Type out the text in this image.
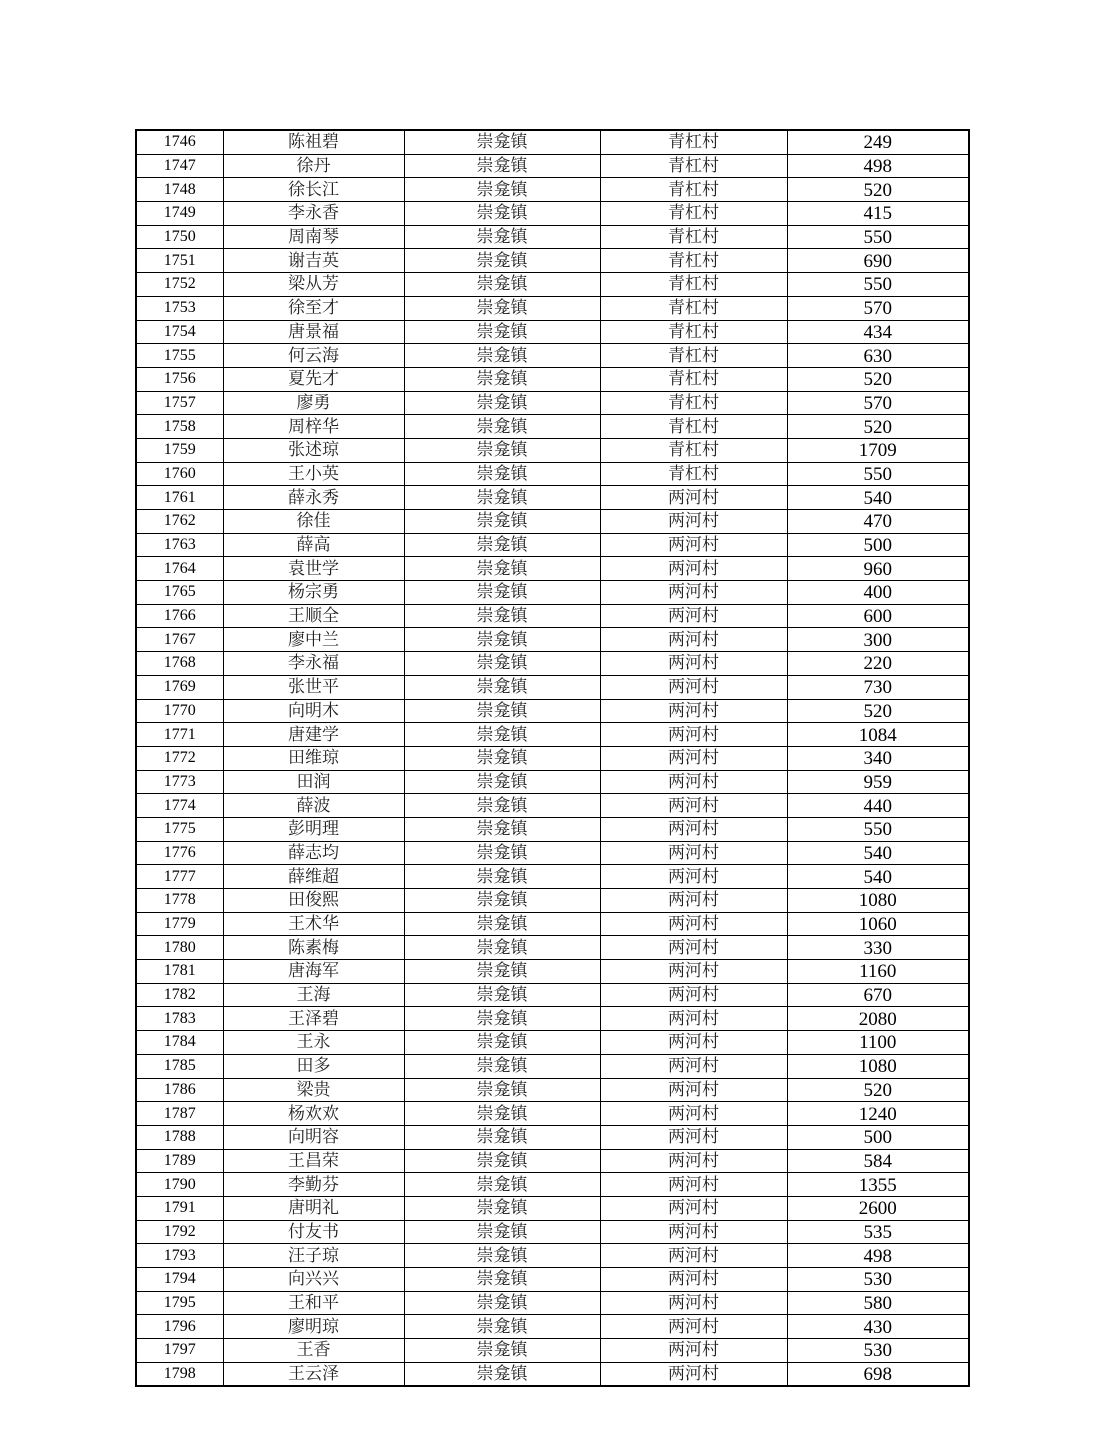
1746	陈祖碧	崇龛镇	青杠村	249
1747	徐丹	崇龛镇	青杠村	498
1748	徐长江	崇龛镇	青杠村	520
1749	李永香	崇龛镇	青杠村	415
1750	周南琴	崇龛镇	青杠村	550
1751	谢吉英	崇龛镇	青杠村	690
1752	梁从芳	崇龛镇	青杠村	550
1753	徐至才	崇龛镇	青杠村	570
1754	唐景福	崇龛镇	青杠村	434
1755	何云海	崇龛镇	青杠村	630
1756	夏先才	崇龛镇	青杠村	520
1757	廖勇	崇龛镇	青杠村	570
1758	周梓华	崇龛镇	青杠村	520
1759	张述琼	崇龛镇	青杠村	1709
1760	王小英	崇龛镇	青杠村	550
1761	薛永秀	崇龛镇	两河村	540
1762	徐佳	崇龛镇	两河村	470
1763	薛高	崇龛镇	两河村	500
1764	袁世学	崇龛镇	两河村	960
1765	杨宗勇	崇龛镇	两河村	400
1766	王顺全	崇龛镇	两河村	600
1767	廖中兰	崇龛镇	两河村	300
1768	李永福	崇龛镇	两河村	220
1769	张世平	崇龛镇	两河村	730
1770	向明木	崇龛镇	两河村	520
1771	唐建学	崇龛镇	两河村	1084
1772	田维琼	崇龛镇	两河村	340
1773	田润	崇龛镇	两河村	959
1774	薛波	崇龛镇	两河村	440
1775	彭明理	崇龛镇	两河村	550
1776	薛志均	崇龛镇	两河村	540
1777	薛维超	崇龛镇	两河村	540
1778	田俊熙	崇龛镇	两河村	1080
1779	王术华	崇龛镇	两河村	1060
1780	陈素梅	崇龛镇	两河村	330
1781	唐海军	崇龛镇	两河村	1160
1782	王海	崇龛镇	两河村	670
1783	王泽碧	崇龛镇	两河村	2080
1784	王永	崇龛镇	两河村	1100
1785	田多	崇龛镇	两河村	1080
1786	梁贵	崇龛镇	两河村	520
1787	杨欢欢	崇龛镇	两河村	1240
1788	向明容	崇龛镇	两河村	500
1789	王昌荣	崇龛镇	两河村	584
1790	李勤芬	崇龛镇	两河村	1355
1791	唐明礼	崇龛镇	两河村	2600
1792	付友书	崇龛镇	两河村	535
1793	汪子琼	崇龛镇	两河村	498
1794	向兴兴	崇龛镇	两河村	530
1795	王和平	崇龛镇	两河村	580
1796	廖明琼	崇龛镇	两河村	430
1797	王香	崇龛镇	两河村	530
1798	王云泽	崇龛镇	两河村	698
